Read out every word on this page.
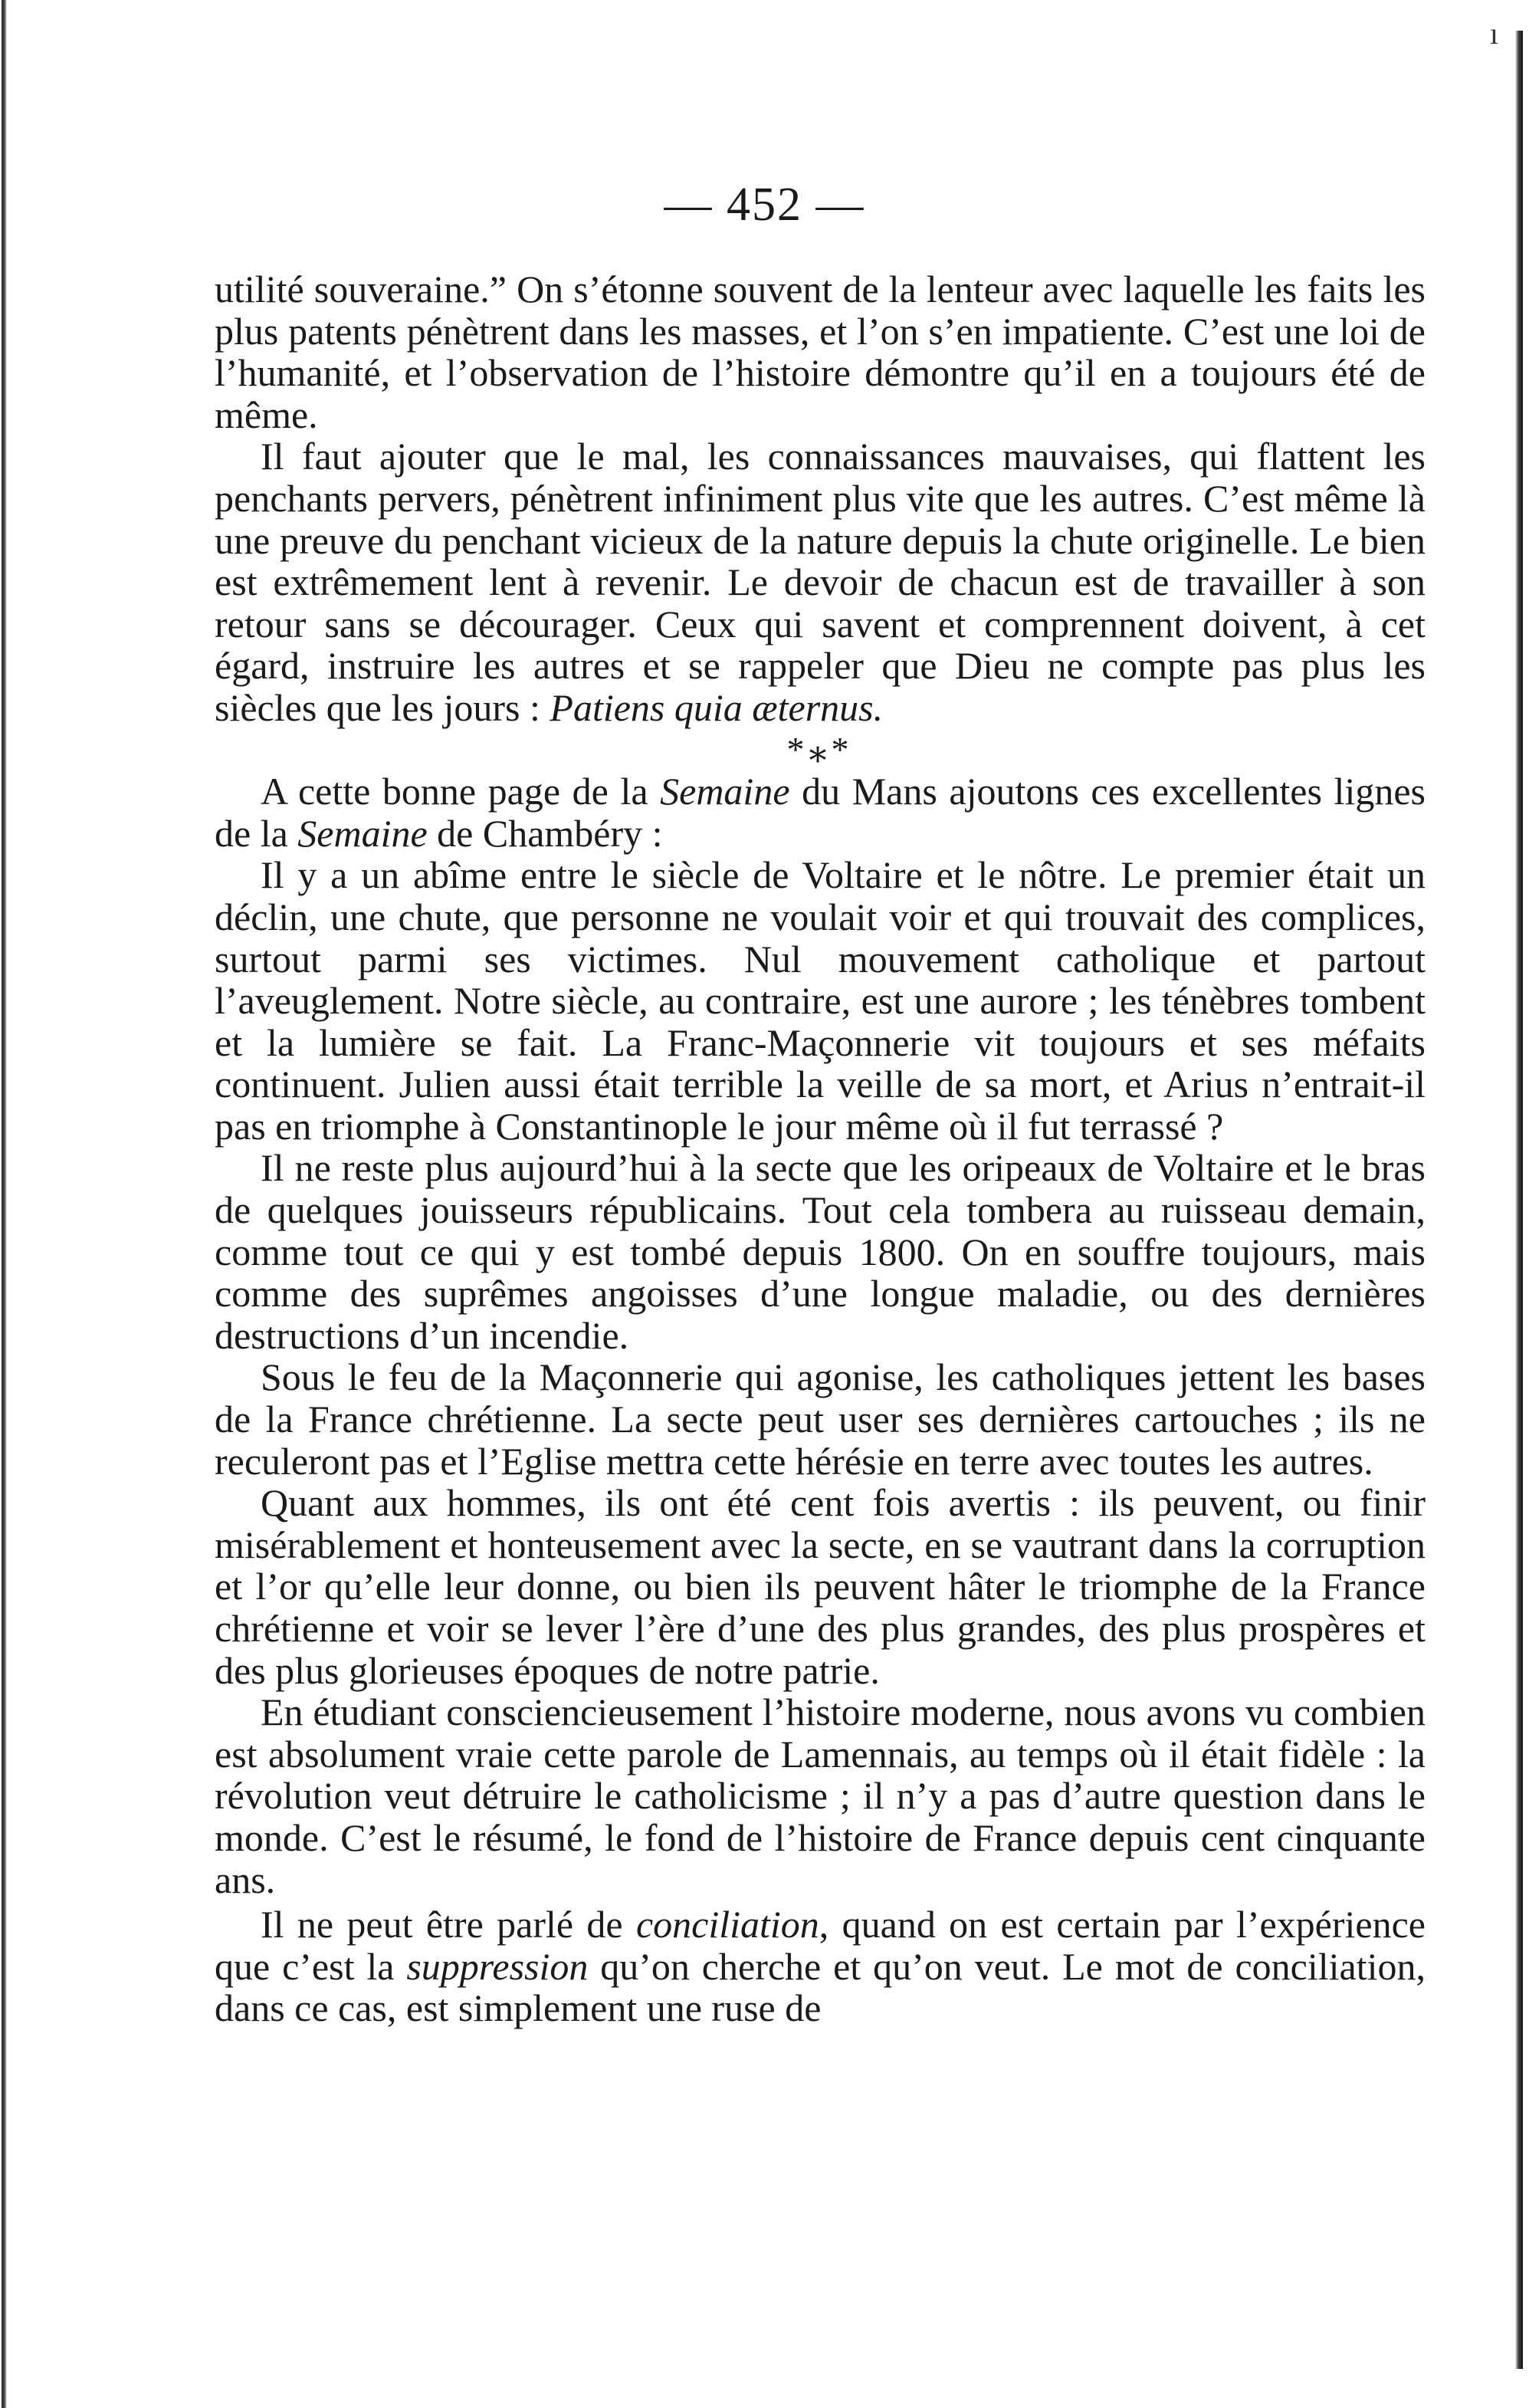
ı
— 452 —

utilité souveraine.” On s’étonne souvent de la lenteur avec laquelle les faits les plus patents pénètrent dans les masses, et l’on s’en impatiente. C’est une loi de l’humanité, et l’observation de l’histoire démontre qu’il en a toujours été de même.

Il faut ajouter que le mal, les connaissances mauvaises, qui flattent les penchants pervers, pénètrent infiniment plus vite que les autres. C’est même là une preuve du penchant vicieux de la nature depuis la chute originelle. Le bien est extrêmement lent à revenir. Le devoir de chacun est de travailler à son retour sans se décourager. Ceux qui savent et comprennent doivent, à cet égard, instruire les autres et se rappeler que Dieu ne compte pas plus les siècles que les jours : Patiens quia æternus.

*⁎*

A cette bonne page de la Semaine du Mans ajoutons ces excellentes lignes de la Semaine de Chambéry :

Il y a un abîme entre le siècle de Voltaire et le nôtre. Le premier était un déclin, une chute, que personne ne voulait voir et qui trouvait des complices, surtout parmi ses victimes. Nul mouvement catholique et partout l’aveuglement. Notre siècle, au contraire, est une aurore ; les ténèbres tombent et la lumière se fait. La Franc-Maçonnerie vit toujours et ses méfaits continuent. Julien aussi était terrible la veille de sa mort, et Arius n’entrait-il pas en triomphe à Constantinople le jour même où il fut terrassé ?

Il ne reste plus aujourd’hui à la secte que les oripeaux de Voltaire et le bras de quelques jouisseurs républicains. Tout cela tombera au ruisseau demain, comme tout ce qui y est tombé depuis 1800. On en souffre toujours, mais comme des suprêmes angoisses d’une longue maladie, ou des dernières destructions d’un incendie.

Sous le feu de la Maçonnerie qui agonise, les catholiques jettent les bases de la France chrétienne. La secte peut user ses dernières cartouches ; ils ne reculeront pas et l’Eglise mettra cette hérésie en terre avec toutes les autres.

Quant aux hommes, ils ont été cent fois avertis : ils peuvent, ou finir misérablement et honteusement avec la secte, en se vautrant dans la corruption et l’or qu’elle leur donne, ou bien ils peuvent hâter le triomphe de la France chrétienne et voir se lever l’ère d’une des plus grandes, des plus prospères et des plus glorieuses époques de notre patrie.

En étudiant consciencieusement l’histoire moderne, nous avons vu combien est absolument vraie cette parole de Lamennais, au temps où il était fidèle : la révolution veut détruire le catholicisme ; il n’y a pas d’autre question dans le monde. C’est le résumé, le fond de l’histoire de France depuis cent cinquante ans.

Il ne peut être parlé de conciliation, quand on est certain par l’expérience que c’est la suppression qu’on cherche et qu’on veut. Le mot de conciliation, dans ce cas, est simplement une ruse de
